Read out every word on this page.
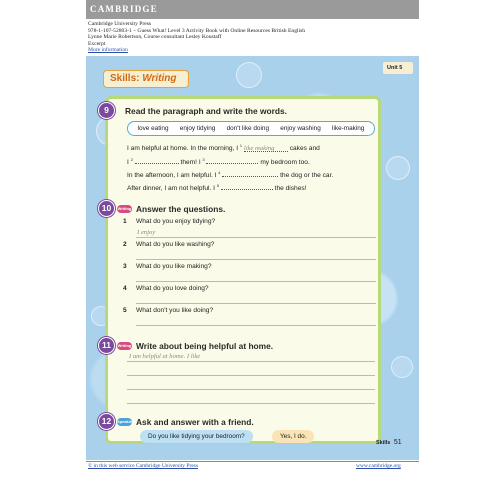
CAMBRIDGE
Cambridge University Press
978-1-107-52803-1 – Guess What! Level 3 Activity Book with Online Resources British English
Lynne Marie Robertson, Course consultant Lesley Koustaff
Excerpt
More information
Skills: Writing
Unit 5
9	Read the paragraph and write the words.
love eating enjoy tidying don't like doing enjoy washing like-making
I am helpful at home. In the morning, I $^1$ like making cakes and
I $^2$	them! I $^3$	my bedroom too.
In the afternoon, I am helpful. I $^4$	the dog or the car.
After dinner, I am not helpful. I $^5$	the dishes!
10	Writing Answer the questions.
1 What do you enjoy tidying?
I enjoy
2 What do you like washing?
3 What do you like making?
4 What do you love doing?
5 What don't you like doing?
11	Writing Write about being helpful at home.
I am helpful at home. I like
12	Speaking Ask and answer with a friend.
Do you like tidying your bedroom?	Yes, I do.
Skills 51
© in this web service Cambridge University Press	www.cambridge.org
